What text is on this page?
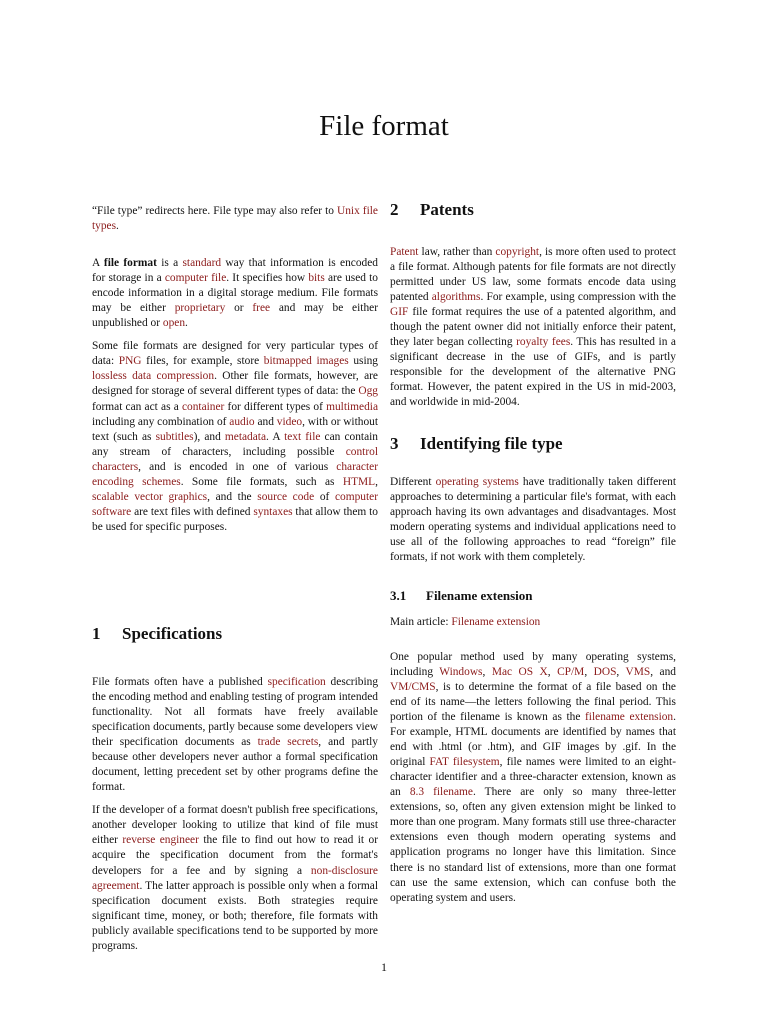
File format

“File type” redirects here. File type may also refer to Unix file types.

A file format is a standard way that information is encoded for storage in a computer file. It specifies how bits are used to encode information in a digital storage medium. File formats may be either proprietary or free and may be either unpublished or open.

Some file formats are designed for very particular types of data: PNG files, for example, store bitmapped images using lossless data compression. Other file formats, however, are designed for storage of several different types of data: the Ogg format can act as a container for different types of multimedia including any combination of audio and video, with or without text (such as subtitles), and metadata. A text file can contain any stream of characters, including possible control characters, and is encoded in one of various character encoding schemes. Some file formats, such as HTML, scalable vector graphics, and the source code of computer software are text files with defined syntaxes that allow them to be used for specific purposes.

1	Specifications

File formats often have a published specification describing the encoding method and enabling testing of program intended functionality. Not all formats have freely available specification documents, partly because some developers view their specification documents as trade secrets, and partly because other developers never author a formal specification document, letting precedent set by other programs define the format.

If the developer of a format doesn't publish free specifications, another developer looking to utilize that kind of file must either reverse engineer the file to find out how to read it or acquire the specification document from the format's developers for a fee and by signing a non-disclosure agreement. The latter approach is possible only when a formal specification document exists. Both strategies require significant time, money, or both; therefore, file formats with publicly available specifications tend to be supported by more programs.

2	Patents

Patent law, rather than copyright, is more often used to protect a file format. Although patents for file formats are not directly permitted under US law, some formats encode data using patented algorithms. For example, using compression with the GIF file format requires the use of a patented algorithm, and though the patent owner did not initially enforce their patent, they later began collecting royalty fees. This has resulted in a significant decrease in the use of GIFs, and is partly responsible for the development of the alternative PNG format. However, the patent expired in the US in mid-2003, and worldwide in mid-2004.

3	Identifying file type

Different operating systems have traditionally taken different approaches to determining a particular file's format, with each approach having its own advantages and disadvantages. Most modern operating systems and individual applications need to use all of the following approaches to read “foreign” file formats, if not work with them completely.

3.1	Filename extension

Main article: Filename extension

One popular method used by many operating systems, including Windows, Mac OS X, CP/M, DOS, VMS, and VM/CMS, is to determine the format of a file based on the end of its name—the letters following the final period. This portion of the filename is known as the filename extension. For example, HTML documents are identified by names that end with .html (or .htm), and GIF images by .gif. In the original FAT filesystem, file names were limited to an eight-character identifier and a three-character extension, known as an 8.3 filename. There are only so many three-letter extensions, so, often any given extension might be linked to more than one program. Many formats still use three-character extensions even though modern operating systems and application programs no longer have this limitation. Since there is no standard list of extensions, more than one format can use the same extension, which can confuse both the operating system and users.

1
